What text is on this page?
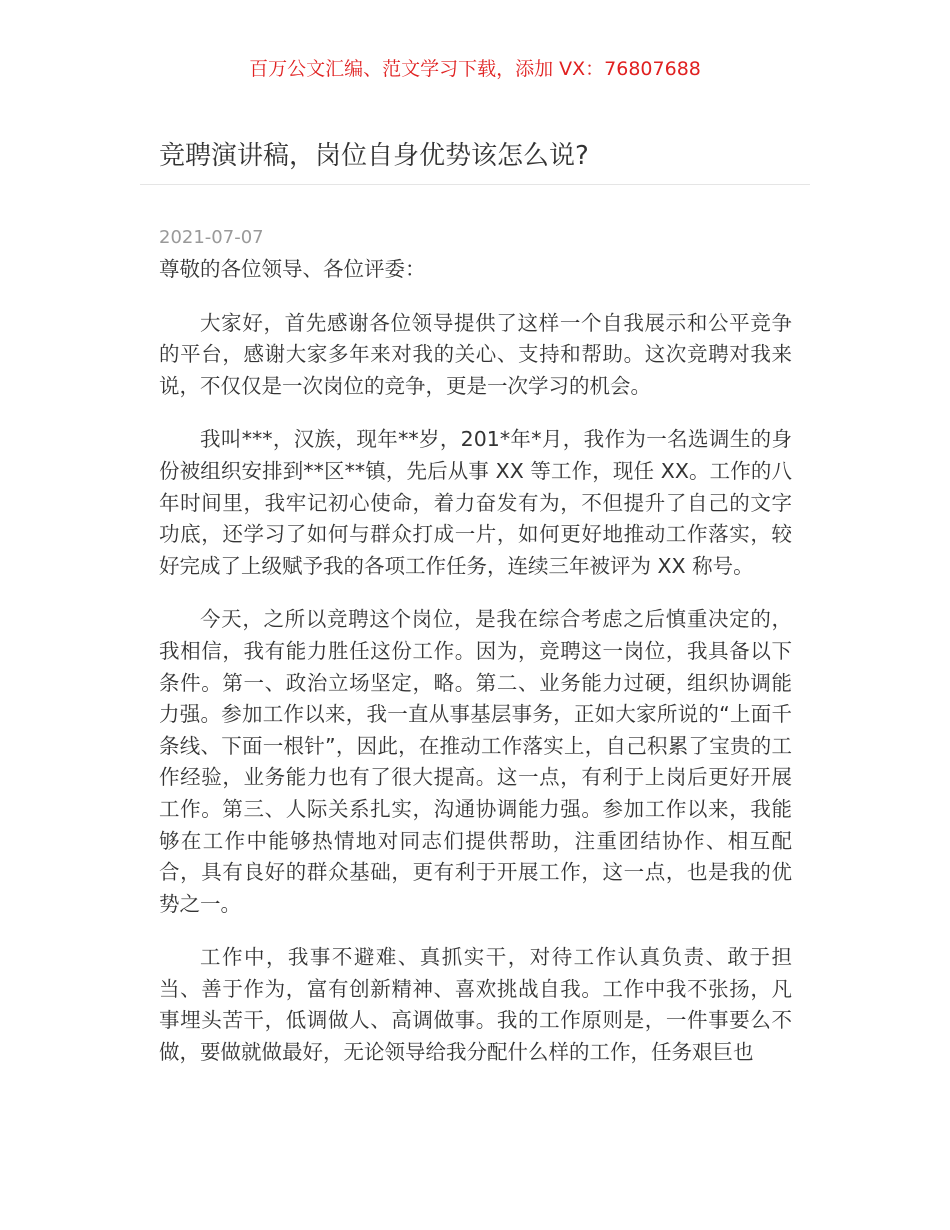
百万公文汇编、范文学习下载，添加 VX：76807688
竞聘演讲稿，岗位自身优势该怎么说?
2021-07-07

尊敬的各位领导、各位评委：

大家好，首先感谢各位领导提供了这样一个自我展示和公平竞争的平台，感谢大家多年来对我的关心、支持和帮助。这次竞聘对我来说，不仅仅是一次岗位的竞争，更是一次学习的机会。

我叫***，汉族，现年**岁，201*年*月，我作为一名选调生的身份被组织安排到**区**镇，先后从事 XX 等工作，现任 XX。工作的八年时间里，我牢记初心使命，着力奋发有为，不但提升了自己的文字功底，还学习了如何与群众打成一片，如何更好地推动工作落实，较好完成了上级赋予我的各项工作任务，连续三年被评为 XX 称号。

今天，之所以竞聘这个岗位，是我在综合考虑之后慎重决定的，我相信，我有能力胜任这份工作。因为，竞聘这一岗位，我具备以下条件。第一、政治立场坚定，略。第二、业务能力过硬，组织协调能力强。参加工作以来，我一直从事基层事务，正如大家所说的“上面千条线、下面一根针”，因此，在推动工作落实上，自己积累了宝贵的工作经验，业务能力也有了很大提高。这一点，有利于上岗后更好开展工作。第三、人际关系扎实，沟通协调能力强。参加工作以来，我能够在工作中能够热情地对同志们提供帮助，注重团结协作、相互配合，具有良好的群众基础，更有利于开展工作，这一点，也是我的优势之一。

工作中，我事不避难、真抓实干，对待工作认真负责、敢于担当、善于作为，富有创新精神、喜欢挑战自我。工作中我不张扬，凡事埋头苦干，低调做人、高调做事。我的工作原则是，一件事要么不做，要做就做最好，无论领导给我分配什么样的工作，任务艰巨也
